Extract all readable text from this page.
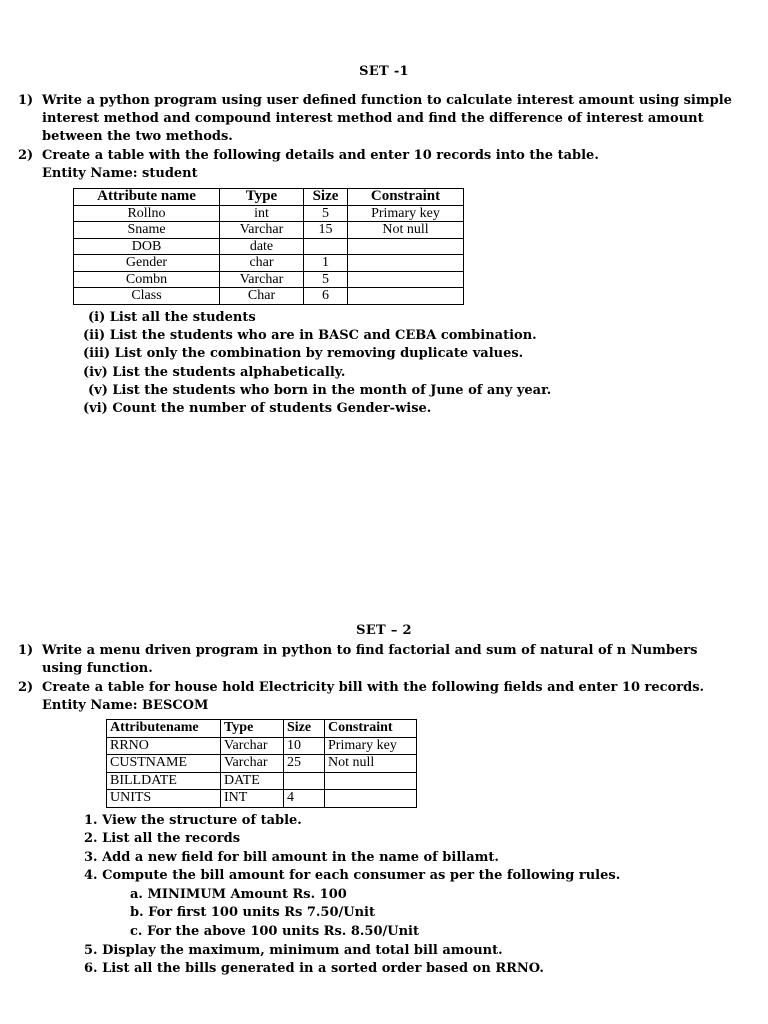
SET -1
1) Write a python program using user defined function to calculate interest amount using simple interest method and compound interest method and find the difference of interest amount between the two methods.
2) Create a table with the following details and enter 10 records into the table.
Entity Name: student
Attribute name	Type	Size	Constraint
Rollno	int	5	Primary key
Sname	Varchar	15	Not null
DOB	date		
Gender	char	1	
Combn	Varchar	5	
Class	Char	6	
(i) List all the students
(ii) List the students who are in BASC and CEBA combination.
(iii) List only the combination by removing duplicate values.
(iv) List the students alphabetically.
(v) List the students who born in the month of June of any year.
(vi) Count the number of students Gender-wise.
SET – 2
1) Write a menu driven program in python to find factorial and sum of natural of n Numbers using function.
2) Create a table for house hold Electricity bill with the following fields and enter 10 records. Entity Name: BESCOM
Attributename	Type	Size	Constraint
RRNO	Varchar	10	Primary key
CUSTNAME	Varchar	25	Not null
BILLDATE	DATE		
UNITS	INT	4	
1. View the structure of table.
2. List all the records
3. Add a new field for bill amount in the name of billamt.
4. Compute the bill amount for each consumer as per the following rules.
a. MINIMUM Amount Rs. 100
b. For first 100 units Rs 7.50/Unit
c. For the above 100 units Rs. 8.50/Unit
5. Display the maximum, minimum and total bill amount.
6. List all the bills generated in a sorted order based on RRNO.
